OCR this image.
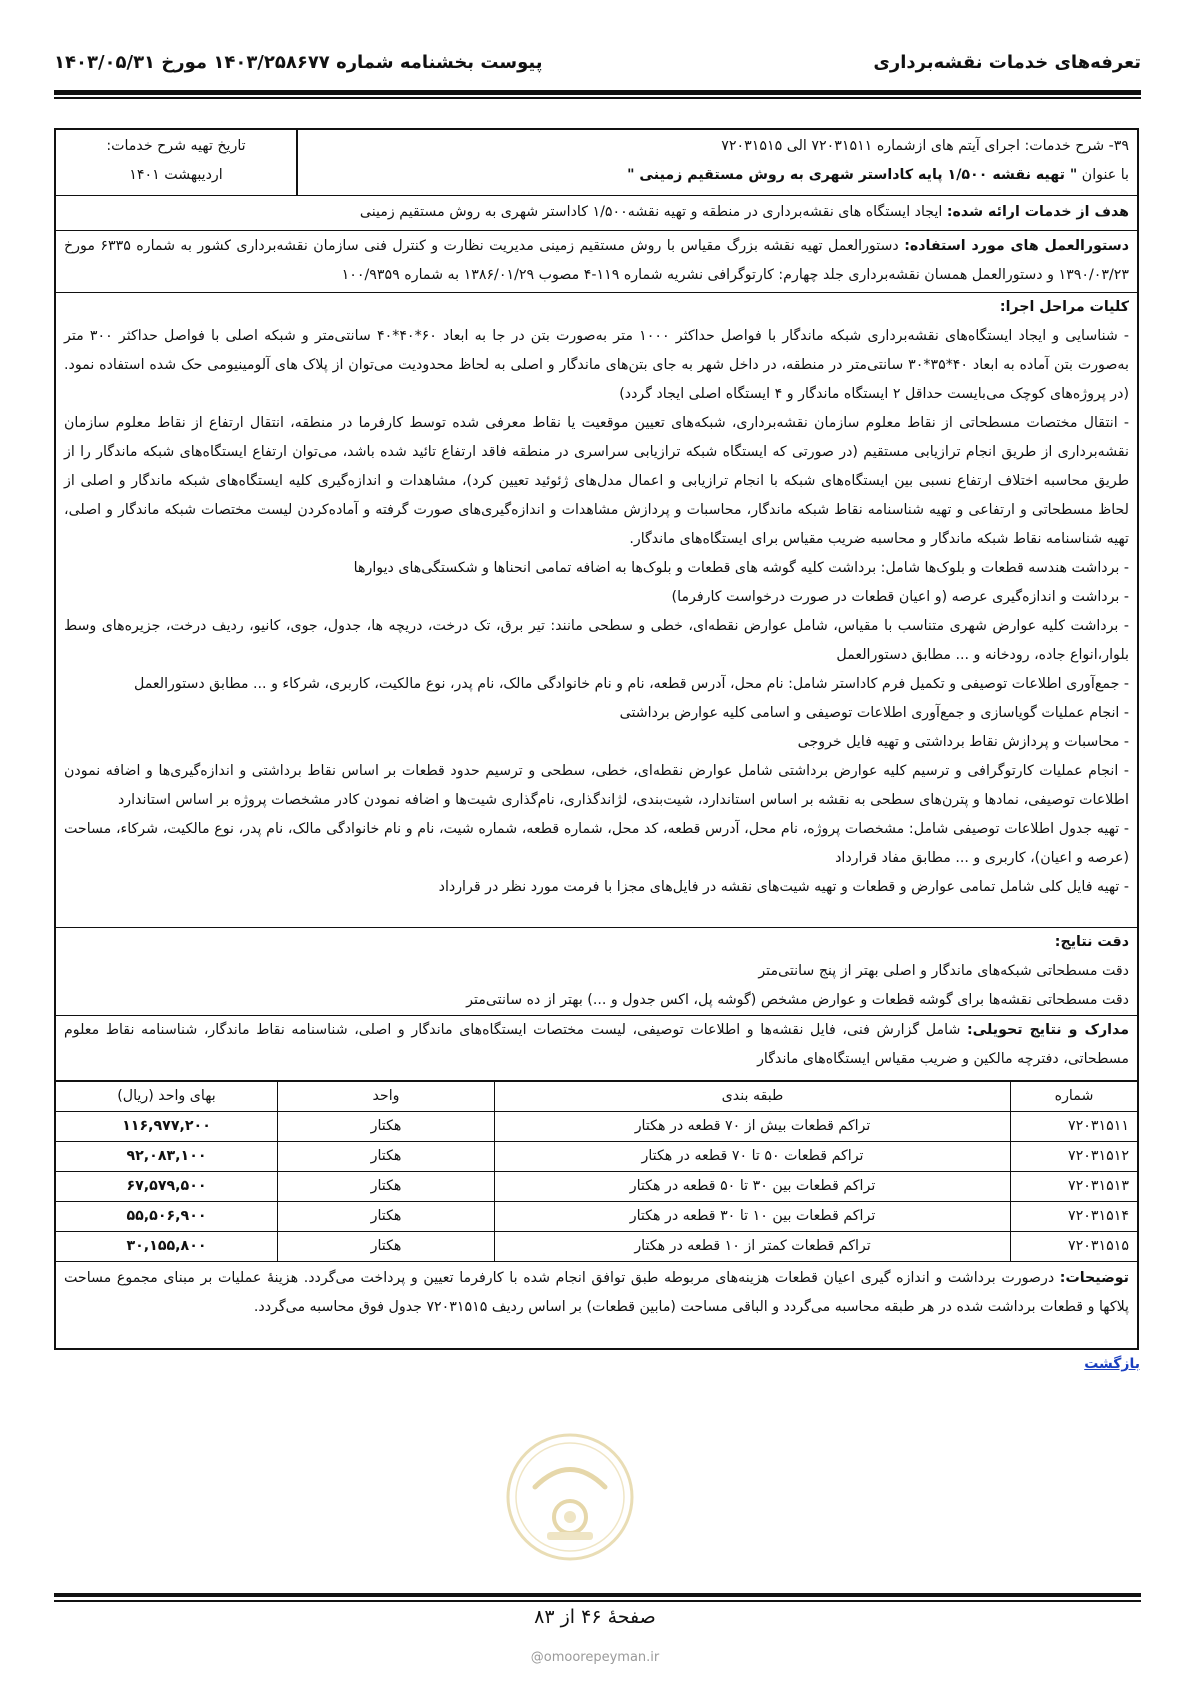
تعرفه‌های خدمات نقشه‌برداری
پیوست بخشنامه شماره ۱۴۰۳/۲۵۸۶۷۷ مورخ ۱۴۰۳/۰۵/۳۱
۳۹- شرح خدمات: اجرای آیتم های ازشماره ۷۲۰۳۱۵۱۱ الی ۷۲۰۳۱۵۱۵
با عنوان " تهیه نقشه ۱/۵۰۰ پایه کاداستر شهری به روش مستقیم زمینی "
تاریخ تهیه شرح خدمات:
اردیبهشت ۱۴۰۱
هدف از خدمات ارائه شده: ایجاد ایستگاه های نقشه‌برداری در منطقه و تهیه نقشه۱/۵۰۰ کاداستر شهری به روش مستقیم زمینی

دستورالعمل های مورد استفاده: دستورالعمل تهیه نقشه بزرگ مقیاس با روش مستقیم زمینی مدیریت نظارت و کنترل فنی سازمان نقشه‌برداری کشور به شماره ۶۳۳۵ مورخ

۱۳۹۰/۰۳/۲۳ و دستورالعمل همسان نقشه‌برداری جلد چهارم: کارتوگرافی نشریه شماره ۱۱۹-۴ مصوب ۱۳۸۶/۰۱/۲۹ به شماره ۱۰۰/۹۳۵۹

کلیات مراحل اجرا:

- شناسایی و ایجاد ایستگاه‌های نقشه‌برداری شبکه ماندگار با فواصل حداکثر ۱۰۰۰ متر به‌صورت بتن در جا به ابعاد ۶۰*۴۰*۴۰ سانتی‌متر و شبکه اصلی با فواصل حداکثر ۳۰۰ متر به‌صورت بتن آماده به ابعاد ۴۰*۳۵*۳۰ سانتی‌متر در منطقه، در داخل شهر به جای بتن‌های ماندگار و اصلی به لحاظ محدودیت می‌توان از پلاک های آلومینیومی حک شده استفاده نمود. (در پروژه‌های کوچک می‌بایست حداقل ۲ ایستگاه ماندگار و ۴ ایستگاه اصلی ایجاد گردد)

- انتقال مختصات مسطحاتی از نقاط معلوم سازمان نقشه‌برداری، شبکه‌های تعیین موقعیت یا نقاط معرفی شده توسط کارفرما در منطقه، انتقال ارتفاع از نقاط معلوم سازمان نقشه‌برداری از طریق انجام ترازیابی مستقیم (در صورتی که ایستگاه شبکه ترازیابی سراسری در منطقه فاقد ارتفاع تائید شده باشد، می‌توان ارتفاع ایستگاه‌های شبکه ماندگار را از طریق محاسبه اختلاف ارتفاع نسبی بین ایستگاه‌های شبکه با انجام ترازیابی و اعمال مدل‌های ژئوئید تعیین کرد)، مشاهدات و اندازه‌گیری کلیه ایستگاه‌های شبکه ماندگار و اصلی از لحاظ مسطحاتی و ارتفاعی و تهیه شناسنامه نقاط شبکه ماندگار، محاسبات و پردازش مشاهدات و اندازه‌گیری‌های صورت گرفته و آماده‌کردن لیست مختصات شبکه ماندگار و اصلی، تهیه شناسنامه نقاط شبکه ماندگار و محاسبه ضریب مقیاس برای ایستگاه‌های ماندگار.

- برداشت هندسه قطعات و بلوک‌ها شامل: برداشت کلیه گوشه های قطعات و بلوک‌ها به اضافه تمامی انحناها و شکستگی‌های دیوارها

- برداشت و اندازه‌گیری عرصه (و اعیان قطعات در صورت درخواست کارفرما)

- برداشت کلیه عوارض شهری متناسب با مقیاس، شامل عوارض نقطه‌ای، خطی و سطحی مانند: تیر برق، تک درخت، دریچه ها، جدول، جوی، کانیو، ردیف درخت، جزیره‌های وسط بلوار،انواع جاده، رودخانه و ... مطابق دستورالعمل

- جمع‌آوری اطلاعات توصیفی و تکمیل فرم کاداستر شامل: نام محل، آدرس قطعه، نام و نام خانوادگی مالک، نام پدر، نوع مالکیت، کاربری، شرکاء و ... مطابق دستورالعمل

- انجام عملیات گویاسازی و جمع‌آوری اطلاعات توصیفی و اسامی کلیه عوارض برداشتی

- محاسبات و پردازش نقاط برداشتی و تهیه فایل خروجی

- انجام عملیات کارتوگرافی و ترسیم کلیه عوارض برداشتی شامل عوارض نقطه‌ای، خطی، سطحی و ترسیم حدود قطعات بر اساس نقاط برداشتی و اندازه‌گیری‌ها و اضافه نمودن اطلاعات توصیفی، نمادها و پترن‌های سطحی به نقشه بر اساس استاندارد، شیت‌بندی، لژاندگذاری، نام‌گذاری شیت‌ها و اضافه نمودن کادر مشخصات پروژه بر اساس استاندارد

- تهیه جدول اطلاعات توصیفی شامل: مشخصات پروژه، نام محل، آدرس قطعه، کد محل، شماره قطعه، شماره شیت، نام و نام خانوادگی مالک، نام پدر، نوع مالکیت، شرکاء، مساحت (عرصه و اعیان)، کاربری و ... مطابق مفاد قرارداد

- تهیه فایل کلی شامل تمامی عوارض و قطعات و تهیه شیت‌های نقشه در فایل‌های مجزا با فرمت مورد نظر در قرارداد

دقت نتایج:
دقت مسطحاتی شبکه‌های ماندگار و اصلی بهتر از پنج سانتی‌متر
دقت مسطحاتی نقشه‌ها برای گوشه قطعات و عوارض مشخص (گوشه پل، اکس جدول و ...) بهتر از ده سانتی‌متر

مدارک و نتایج تحویلی: شامل گزارش فنی، فایل نقشه‌ها و اطلاعات توصیفی، لیست مختصات ایستگاه‌های ماندگار و اصلی، شناسنامه نقاط ماندگار، شناسنامه نقاط معلوم مسطحاتی، دفترچه مالکین و ضریب مقیاس ایستگاه‌های ماندگار

شماره	طبقه بندی	واحد	بهای واحد (ریال)
۷۲۰۳۱۵۱۱	تراکم قطعات بیش از ۷۰ قطعه در هکتار	هکتار	۱۱۶,۹۷۷,۲۰۰
۷۲۰۳۱۵۱۲	تراکم قطعات ۵۰ تا ۷۰ قطعه در هکتار	هکتار	۹۲,۰۸۳,۱۰۰
۷۲۰۳۱۵۱۳	تراکم قطعات بین ۳۰ تا ۵۰ قطعه در هکتار	هکتار	۶۷,۵۷۹,۵۰۰
۷۲۰۳۱۵۱۴	تراکم قطعات بین ۱۰ تا ۳۰ قطعه در هکتار	هکتار	۵۵,۵۰۶,۹۰۰
۷۲۰۳۱۵۱۵	تراکم قطعات کمتر از ۱۰ قطعه در هکتار	هکتار	۳۰,۱۵۵,۸۰۰

توضیحات: درصورت برداشت و اندازه گیری اعیان قطعات هزینه‌های مربوطه طبق توافق انجام شده با کارفرما تعیین و پرداخت می‌گردد. هزینهٔ عملیات بر مبنای مجموع مساحت پلاکها و قطعات برداشت شده در هر طبقه محاسبه می‌گردد و الباقی مساحت (مابین قطعات) بر اساس ردیف ۷۲۰۳۱۵۱۵ جدول فوق محاسبه می‌گردد.

بازگشت
صفحهٔ ۴۶ از ۸۳
@omoorepeyman.ir
